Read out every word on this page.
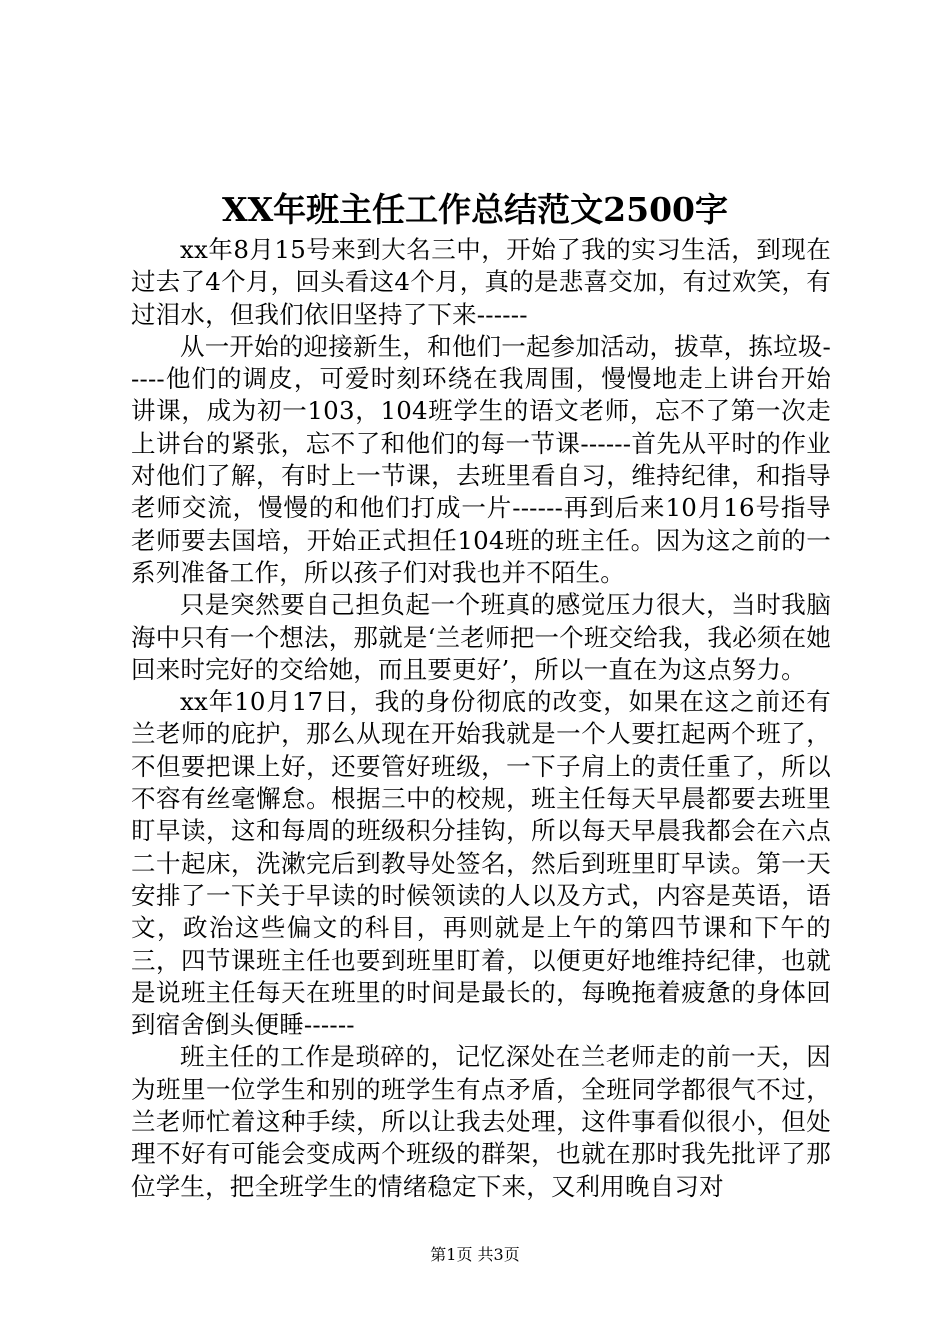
XX年班主任工作总结范文2500字

xx年8月15号来到大名三中，开始了我的实习生活，到现在过去了4个月，回头看这4个月，真的是悲喜交加，有过欢笑，有过泪水，但我们依旧坚持了下来------

从一开始的迎接新生，和他们一起参加活动，拔草，拣垃圾-----他们的调皮，可爱时刻环绕在我周围，慢慢地走上讲台开始讲课，成为初一103，104班学生的语文老师，忘不了第一次走上讲台的紧张，忘不了和他们的每一节课------首先从平时的作业对他们了解，有时上一节课，去班里看自习，维持纪律，和指导老师交流，慢慢的和他们打成一片------再到后来10月16号指导老师要去国培，开始正式担任104班的班主任。因为这之前的一系列准备工作，所以孩子们对我也并不陌生。

只是突然要自己担负起一个班真的感觉压力很大，当时我脑海中只有一个想法，那就是‘兰老师把一个班交给我，我必须在她回来时完好的交给她，而且要更好’，所以一直在为这点努力。

xx年10月17日，我的身份彻底的改变，如果在这之前还有兰老师的庇护，那么从现在开始我就是一个人要扛起两个班了，不但要把课上好，还要管好班级，一下子肩上的责任重了，所以不容有丝毫懈怠。根据三中的校规，班主任每天早晨都要去班里盯早读，这和每周的班级积分挂钩，所以每天早晨我都会在六点二十起床，洗漱完后到教导处签名，然后到班里盯早读。第一天安排了一下关于早读的时候领读的人以及方式，内容是英语，语文，政治这些偏文的科目，再则就是上午的第四节课和下午的三，四节课班主任也要到班里盯着，以便更好地维持纪律，也就是说班主任每天在班里的时间是最长的，每晚拖着疲惫的身体回到宿舍倒头便睡------

班主任的工作是琐碎的，记忆深处在兰老师走的前一天，因为班里一位学生和别的班学生有点矛盾，全班同学都很气不过，兰老师忙着这种手续，所以让我去处理，这件事看似很小，但处理不好有可能会变成两个班级的群架，也就在那时我先批评了那位学生，把全班学生的情绪稳定下来，又利用晚自习对

第1页 共3页
